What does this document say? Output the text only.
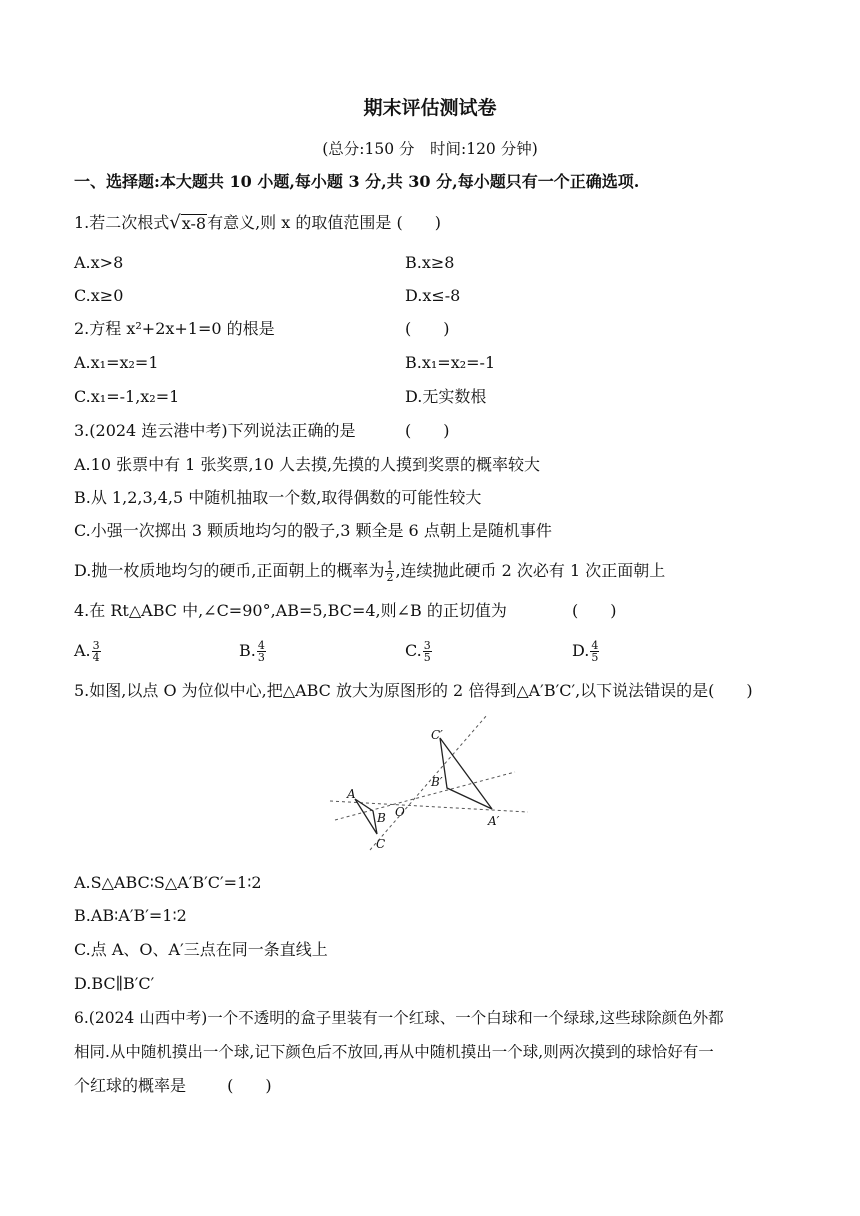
期末评估测试卷
(总分:150 分　时间:120 分钟)
一、选择题:本大题共 10 小题,每小题 3 分,共 30 分,每小题只有一个正确选项.
1.若二次根式 √ x-8 有意义,则 x 的取值范围是 (　　)
A.x>8	B.x≥8
C.x≥0	D.x≤-8
2.方程 x²+2x+1=0 的根是	(　　)
A.x₁=x₂=1	B.x₁=x₂=-1
C.x₁=-1,x₂=1	D.无实数根
3.(2024 连云港中考)下列说法正确的是	(　　)
A.10 张票中有 1 张奖票,10 人去摸,先摸的人摸到奖票的概率较大
B.从 1,2,3,4,5 中随机抽取一个数,取得偶数的可能性较大
C.小强一次掷出 3 颗质地均匀的骰子,3 颗全是 6 点朝上是随机事件
D.抛一枚质地均匀的硬币,正面朝上的概率为 $\frac{1}{2}$ ,连续抛此硬币 2 次必有 1 次正面朝上
4.在 Rt△ABC 中,∠C=90°,AB=5,BC=4,则∠B 的正切值为	(　　)
A. $\frac{3}{4}$	B. $\frac{4}{3}$	C. $\frac{3}{5}$	D. $\frac{4}{5}$
5.如图,以点 O 为位似中心,把△ABC 放大为原图形的 2 倍得到△A′B′C′,以下说法错误的是(　　)
A
B
C
O
A′
B′
C′
A.S△ABC∶S△A′B′C′=1∶2
B.AB∶A′B′=1∶2
C.点 A、O、A′三点在同一条直线上
D.BC∥B′C′
6.(2024 山西中考)一个不透明的盒子里装有一个红球、一个白球和一个绿球,这些球除颜色外都
相同.从中随机摸出一个球,记下颜色后不放回,再从中随机摸出一个球,则两次摸到的球恰好有一
个红球的概率是	(　　)
